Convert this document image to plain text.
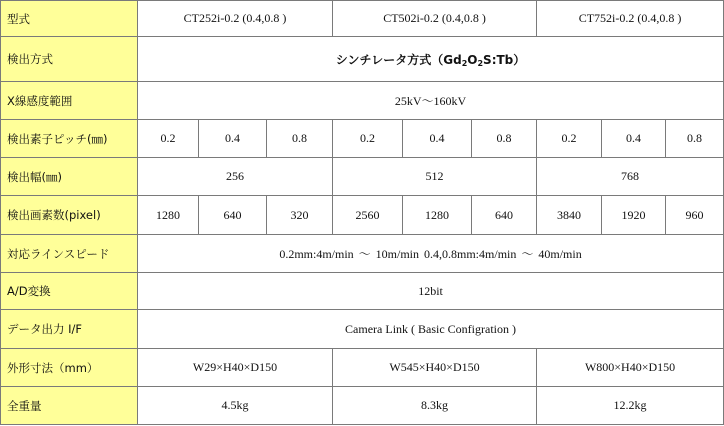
型式	CT252i-0.2 (0.4,0.8 )			CT502i-0.2 (0.4,0.8 )			CT752i-0.2 (0.4,0.8 )		
検出方式	シンチレータ方式$(Gd_2O_2S:Tb)$								
X線感度範囲	25kV〜160kV								
検出素子ピッチ(㎜)	0.2	0.4	0.8	0.2	0.4	0.8	0.2	0.4	0.8
検出幅(㎜)	256			512			768		
検出画素数(pixel)	1280	640	320	2560	1280	640	3840	1920	960
対応ラインスピード	0.2mm:4m/min 〜 10m/min 0.4,0.8mm:4m/min 〜 40m/min								
A/D変換	12bit								
データ出力 I/F	Camera Link ( Basic Configration )								
外形寸法（mm）	W29×H40×D150			W545×H40×D150			W800×H40×D150		
全重量	4.5kg			8.3kg			12.2kg		
